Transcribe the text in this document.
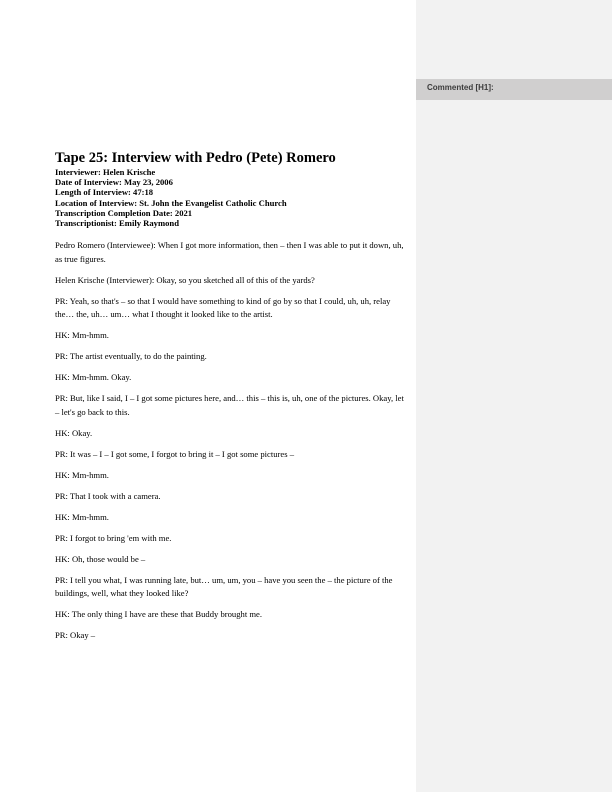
Commented [H1]:
Tape 25: Interview with Pedro (Pete) Romero

Interviewer: Helen Krische

Date of Interview: May 23, 2006

Length of Interview: 47:18

Location of Interview: St. John the Evangelist Catholic Church

Transcription Completion Date: 2021

Transcriptionist: Emily Raymond

Pedro Romero (Interviewee): When I got more information, then – then I was able to put it down, uh, as true figures.

Helen Krische (Interviewer): Okay, so you sketched all of this of the yards?

PR: Yeah, so that's – so that I would have something to kind of go by so that I could, uh, uh, relay the… the, uh… um… what I thought it looked like to the artist.

HK: Mm-hmm.

PR: The artist eventually, to do the painting.

HK: Mm-hmm. Okay.

PR: But, like I said, I – I got some pictures here, and… this – this is, uh, one of the pictures. Okay, let – let's go back to this.

HK: Okay.

PR: It was – I – I got some, I forgot to bring it – I got some pictures –

HK: Mm-hmm.

PR: That I took with a camera.

HK: Mm-hmm.

PR: I forgot to bring 'em with me.

HK: Oh, those would be –

PR: I tell you what, I was running late, but… um, um, you – have you seen the – the picture of the buildings, well, what they looked like?

HK: The only thing I have are these that Buddy brought me.

PR: Okay –
